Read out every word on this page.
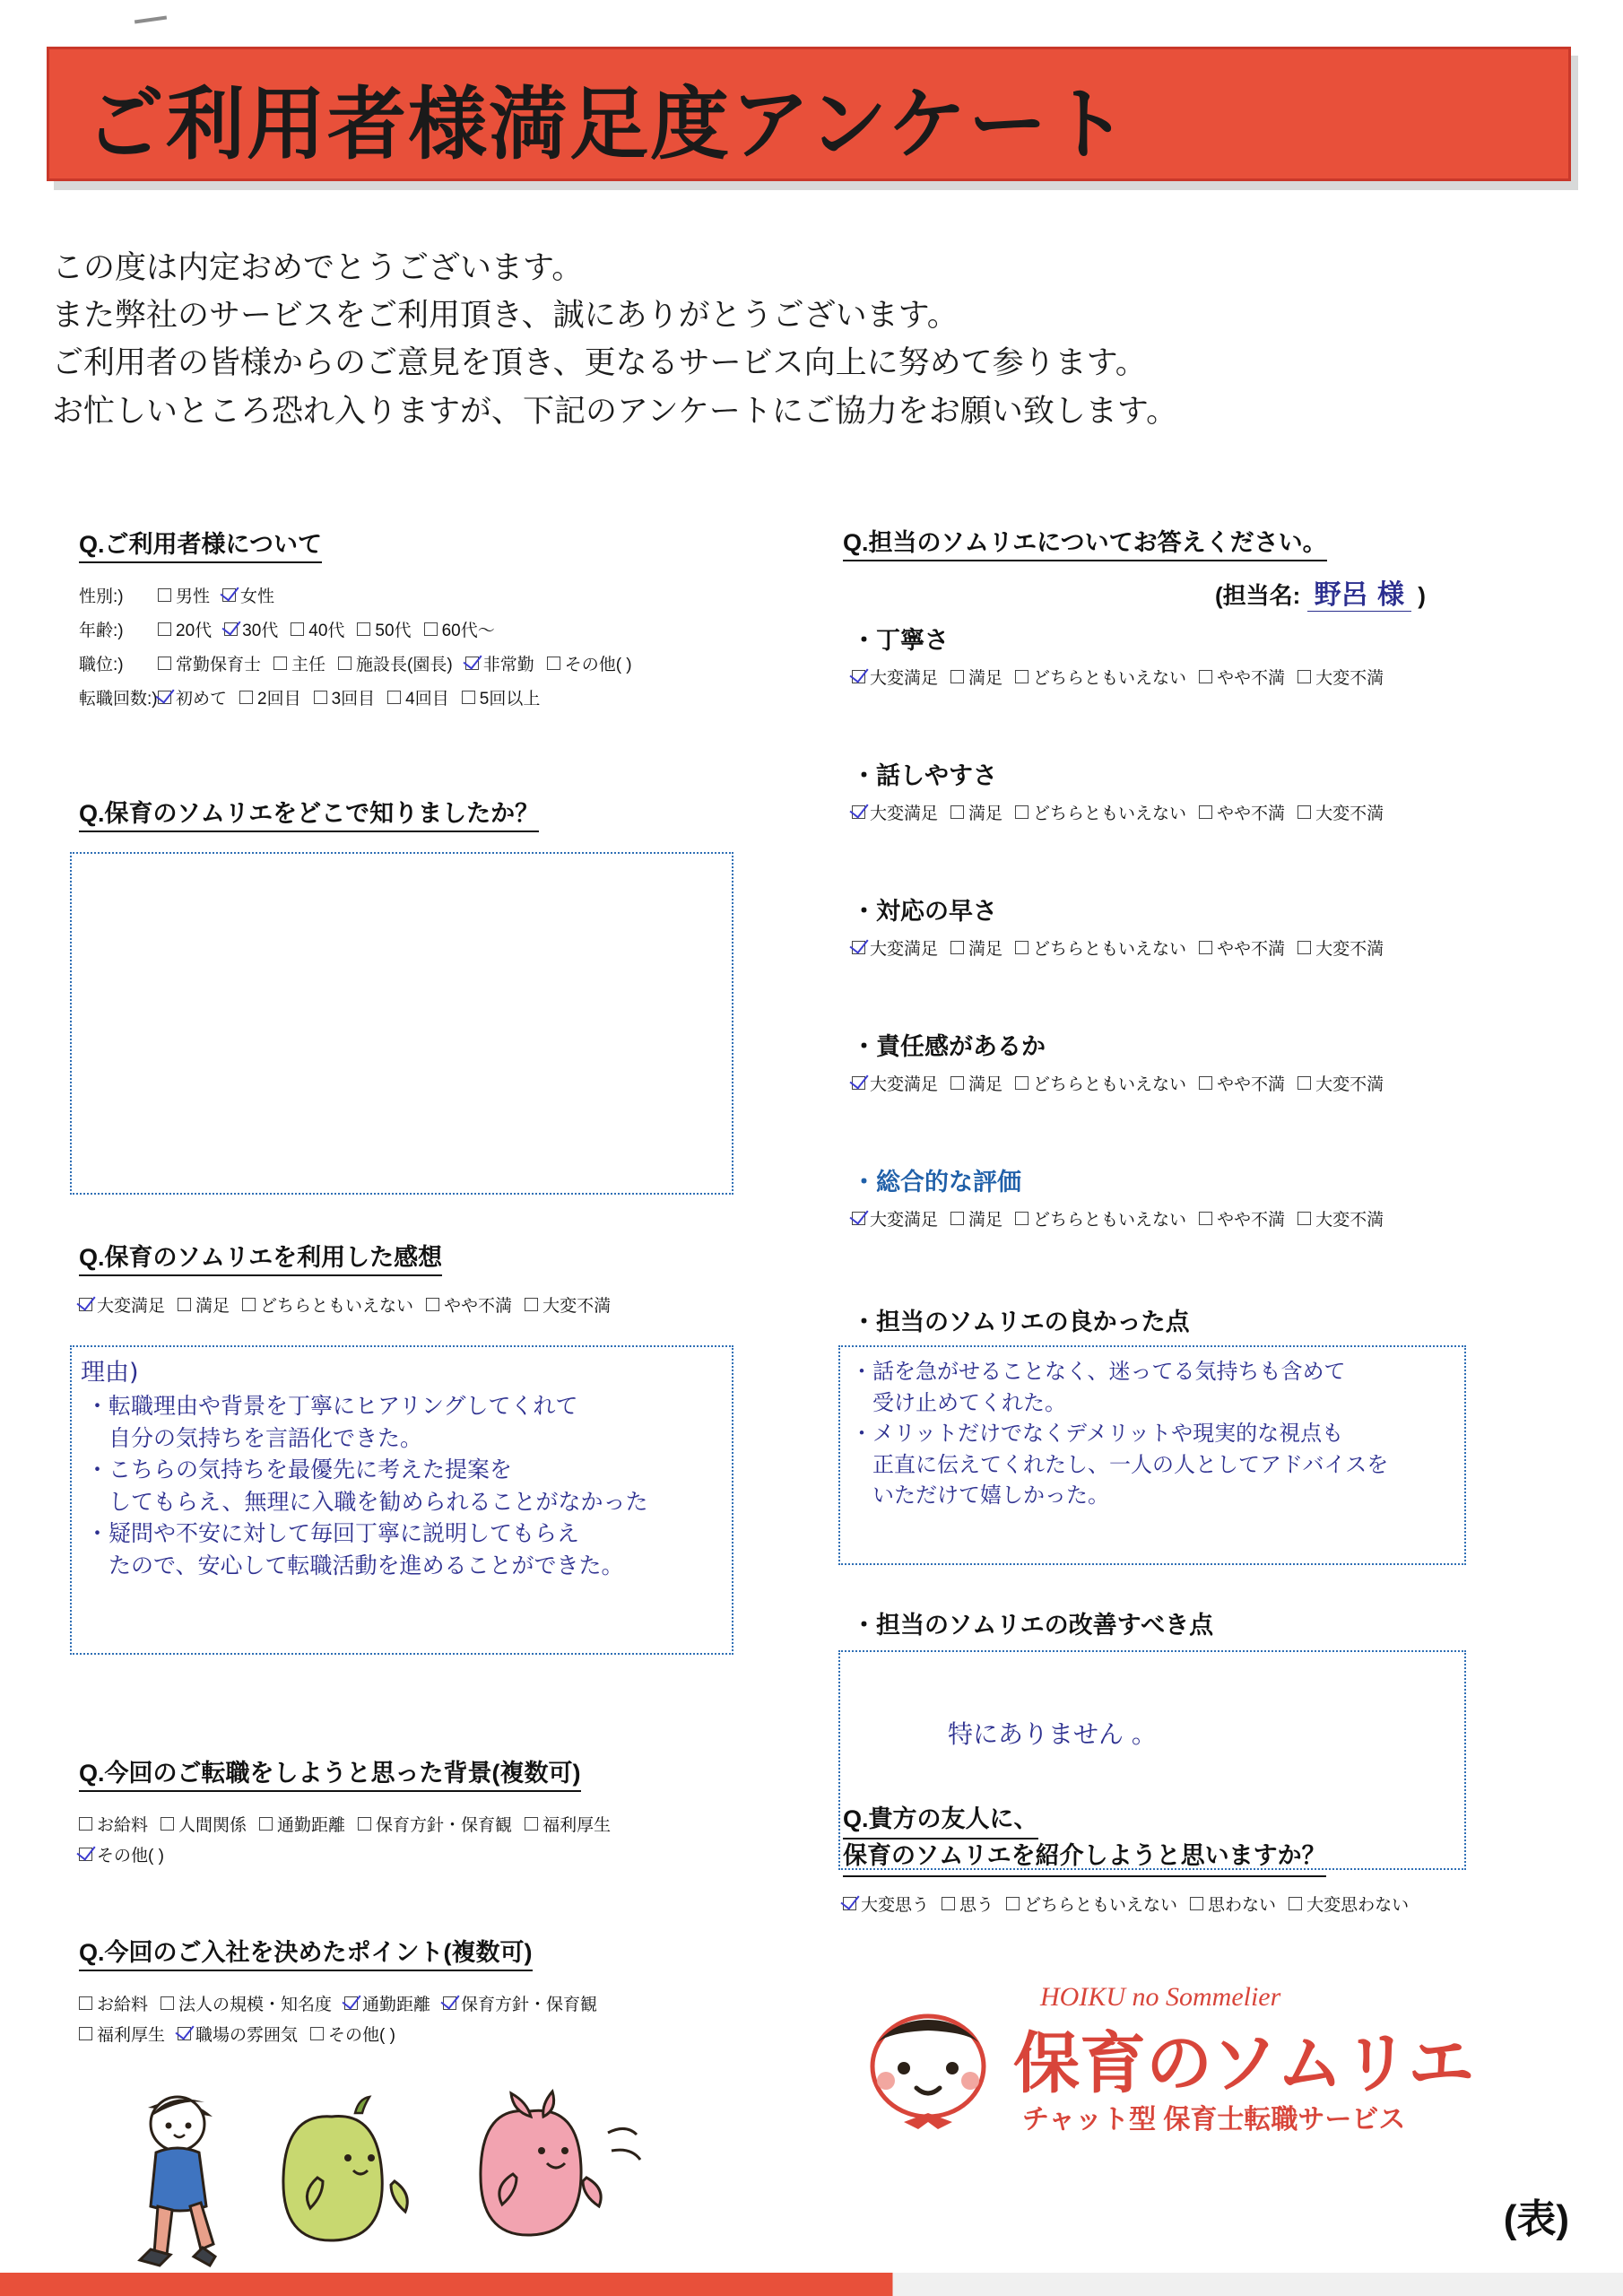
ご利用者様満足度アンケート
この度は内定おめでとうございます。
また弊社のサービスをご利用頂き、誠にありがとうございます。
ご利用者の皆様からのご意見を頂き、更なるサービス向上に努めて参ります。
お忙しいところ恐れ入りますが、下記のアンケートにご協力をお願い致します。
Q.ご利用者様について
性別:)	男性 女性
年齢:)	20代 30代 40代 50代 60代〜
職位:)	常勤保育士 主任 施設長(園長) 非常勤 その他( )
転職回数:) 初めて 2回目 3回目 4回目 5回以上
Q.保育のソムリエをどこで知りましたか？
Q.保育のソムリエを利用した感想
大変満足 満足 どちらともいえない やや不満 大変不満
理由)
・転職理由や背景を丁寧にヒアリングしてくれて
　自分の気持ちを言語化できた。
・こちらの気持ちを最優先に考えた提案を
　してもらえ、無理に入職を勧められることがなかった
・疑問や不安に対して毎回丁寧に説明してもらえ
　たので、安心して転職活動を進めることができた。
Q.今回のご転職をしようと思った背景(複数可)
お給料 人間関係 通勤距離 保育方針・保育観 福利厚生
その他( )
Q.今回のご入社を決めたポイント(複数可)
お給料 法人の規模・知名度 通勤距離 保育方針・保育観
福利厚生 職場の雰囲気 その他( )
Q.担当のソムリエについてお答えください。
(担当名: 野呂 様 )
・丁寧さ
大変満足 満足 どちらともいえない やや不満 大変不満
・話しやすさ
大変満足 満足 どちらともいえない やや不満 大変不満
・対応の早さ
大変満足 満足 どちらともいえない やや不満 大変不満
・責任感があるか
大変満足 満足 どちらともいえない やや不満 大変不満
・総合的な評価
大変満足 満足 どちらともいえない やや不満 大変不満
・担当のソムリエの良かった点
・話を急がせることなく、迷ってる気持ちも含めて
　受け止めてくれた。
・メリットだけでなくデメリットや現実的な視点も
　正直に伝えてくれたし、一人の人としてアドバイスを
　いただけて嬉しかった。
・担当のソムリエの改善すべき点
特にありません 。
Q.貴方の友人に、
保育のソムリエを紹介しようと思いますか？
大変思う 思う どちらともいえない 思わない 大変思わない
HOIKU no Sommelier
保育のソムリエ
チャット型 保育士転職サービス
(表)
